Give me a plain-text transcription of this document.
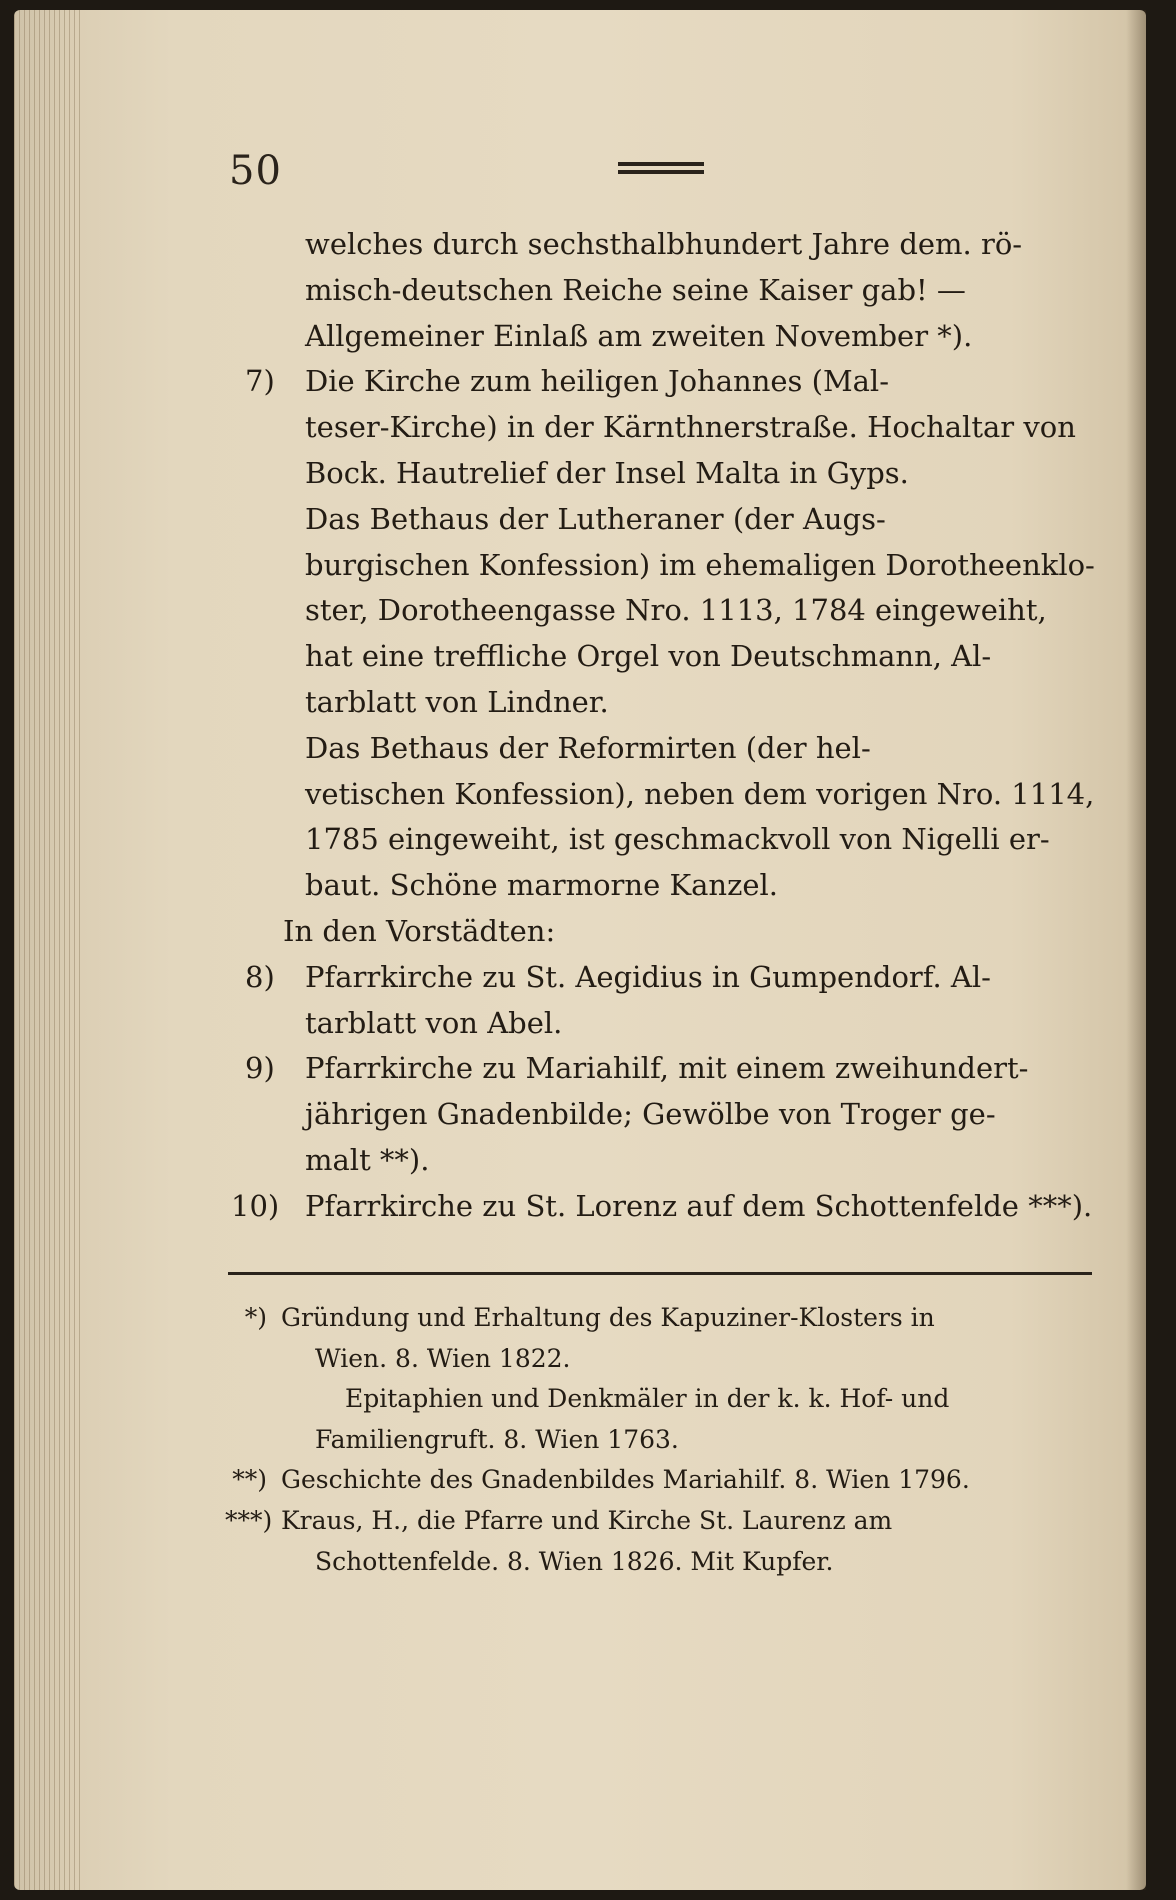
50
welches durch sechsthalbhundert Jahre dem. rö-
misch-deutschen Reiche seine Kaiser gab! —
Allgemeiner Einlaß am zweiten November *).
7) Die Kirche zum heiligen Johannes (Mal-
teser-Kirche) in der Kärnthnerstraße. Hochaltar von
Bock. Hautrelief der Insel Malta in Gyps.
Das Bethaus der Lutheraner (der Augs-
burgischen Konfession) im ehemaligen Dorotheenklo-
ster, Dorotheengasse Nro. 1113, 1784 eingeweiht,
hat eine treffliche Orgel von Deutschmann, Al-
tarblatt von Lindner.
Das Bethaus der Reformirten (der hel-
vetischen Konfession), neben dem vorigen Nro. 1114,
1785 eingeweiht, ist geschmackvoll von Nigelli er-
baut. Schöne marmorne Kanzel.
In den Vorstädten:
8) Pfarrkirche zu St. Aegidius in Gumpendorf. Al-
tarblatt von Abel.
9) Pfarrkirche zu Mariahilf, mit einem zweihundert-
jährigen Gnadenbilde; Gewölbe von Troger ge-
malt **).
10) Pfarrkirche zu St. Lorenz auf dem Schottenfelde ***).
*) Gründung und Erhaltung des Kapuziner-Klosters in
Wien. 8. Wien 1822.
Epitaphien und Denkmäler in der k. k. Hof- und
Familiengruft. 8. Wien 1763.
**) Geschichte des Gnadenbildes Mariahilf. 8. Wien 1796.
***) Kraus, H., die Pfarre und Kirche St. Laurenz am
Schottenfelde. 8. Wien 1826. Mit Kupfer.
